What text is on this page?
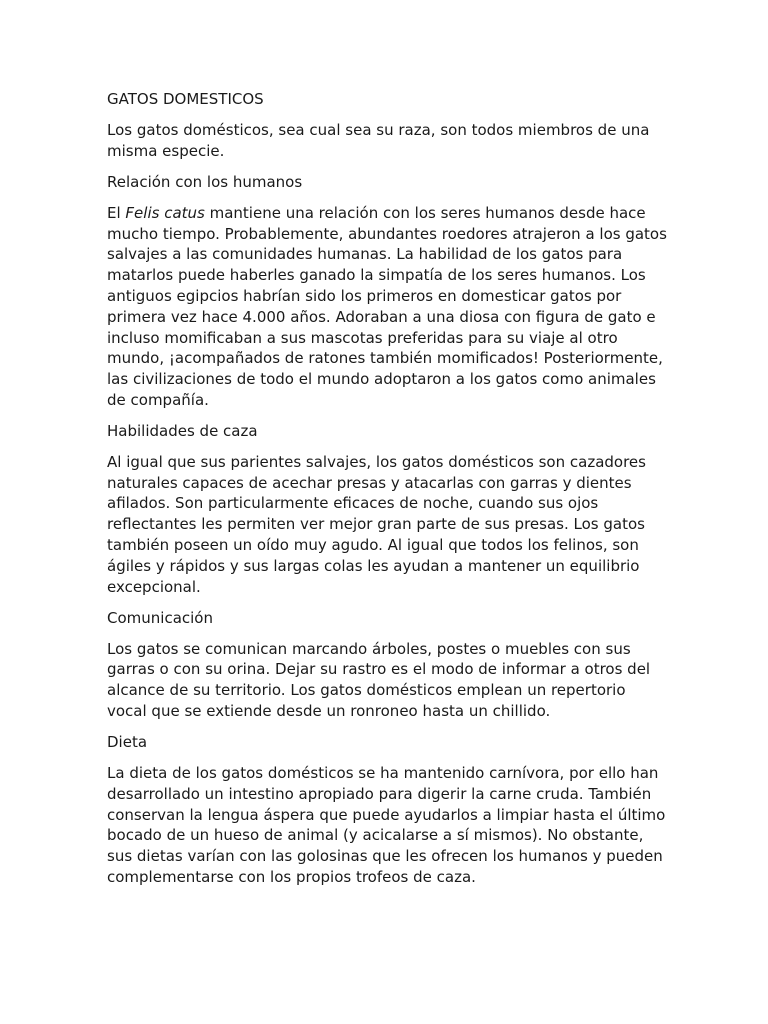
GATOS DOMESTICOS

Los gatos domésticos, sea cual sea su raza, son todos miembros de una misma especie.

Relación con los humanos

El Felis catus mantiene una relación con los seres humanos desde hace mucho tiempo. Probablemente, abundantes roedores atrajeron a los gatos salvajes a las comunidades humanas. La habilidad de los gatos para matarlos puede haberles ganado la simpatía de los seres humanos. Los antiguos egipcios habrían sido los primeros en domesticar gatos por primera vez hace 4.000 años. Adoraban a una diosa con figura de gato e incluso momificaban a sus mascotas preferidas para su viaje al otro mundo, ¡acompañados de ratones también momificados! Posteriormente, las civilizaciones de todo el mundo adoptaron a los gatos como animales de compañía.

Habilidades de caza

Al igual que sus parientes salvajes, los gatos domésticos son cazadores naturales capaces de acechar presas y atacarlas con garras y dientes afilados. Son particularmente eficaces de noche, cuando sus ojos reflectantes les permiten ver mejor gran parte de sus presas. Los gatos también poseen un oído muy agudo. Al igual que todos los felinos, son ágiles y rápidos y sus largas colas les ayudan a mantener un equilibrio excepcional.

Comunicación

Los gatos se comunican marcando árboles, postes o muebles con sus garras o con su orina. Dejar su rastro es el modo de informar a otros del alcance de su territorio. Los gatos domésticos emplean un repertorio vocal que se extiende desde un ronroneo hasta un chillido.

Dieta

La dieta de los gatos domésticos se ha mantenido carnívora, por ello han desarrollado un intestino apropiado para digerir la carne cruda. También conservan la lengua áspera que puede ayudarlos a limpiar hasta el último bocado de un hueso de animal (y acicalarse a sí mismos). No obstante, sus dietas varían con las golosinas que les ofrecen los humanos y pueden complementarse con los propios trofeos de caza.
